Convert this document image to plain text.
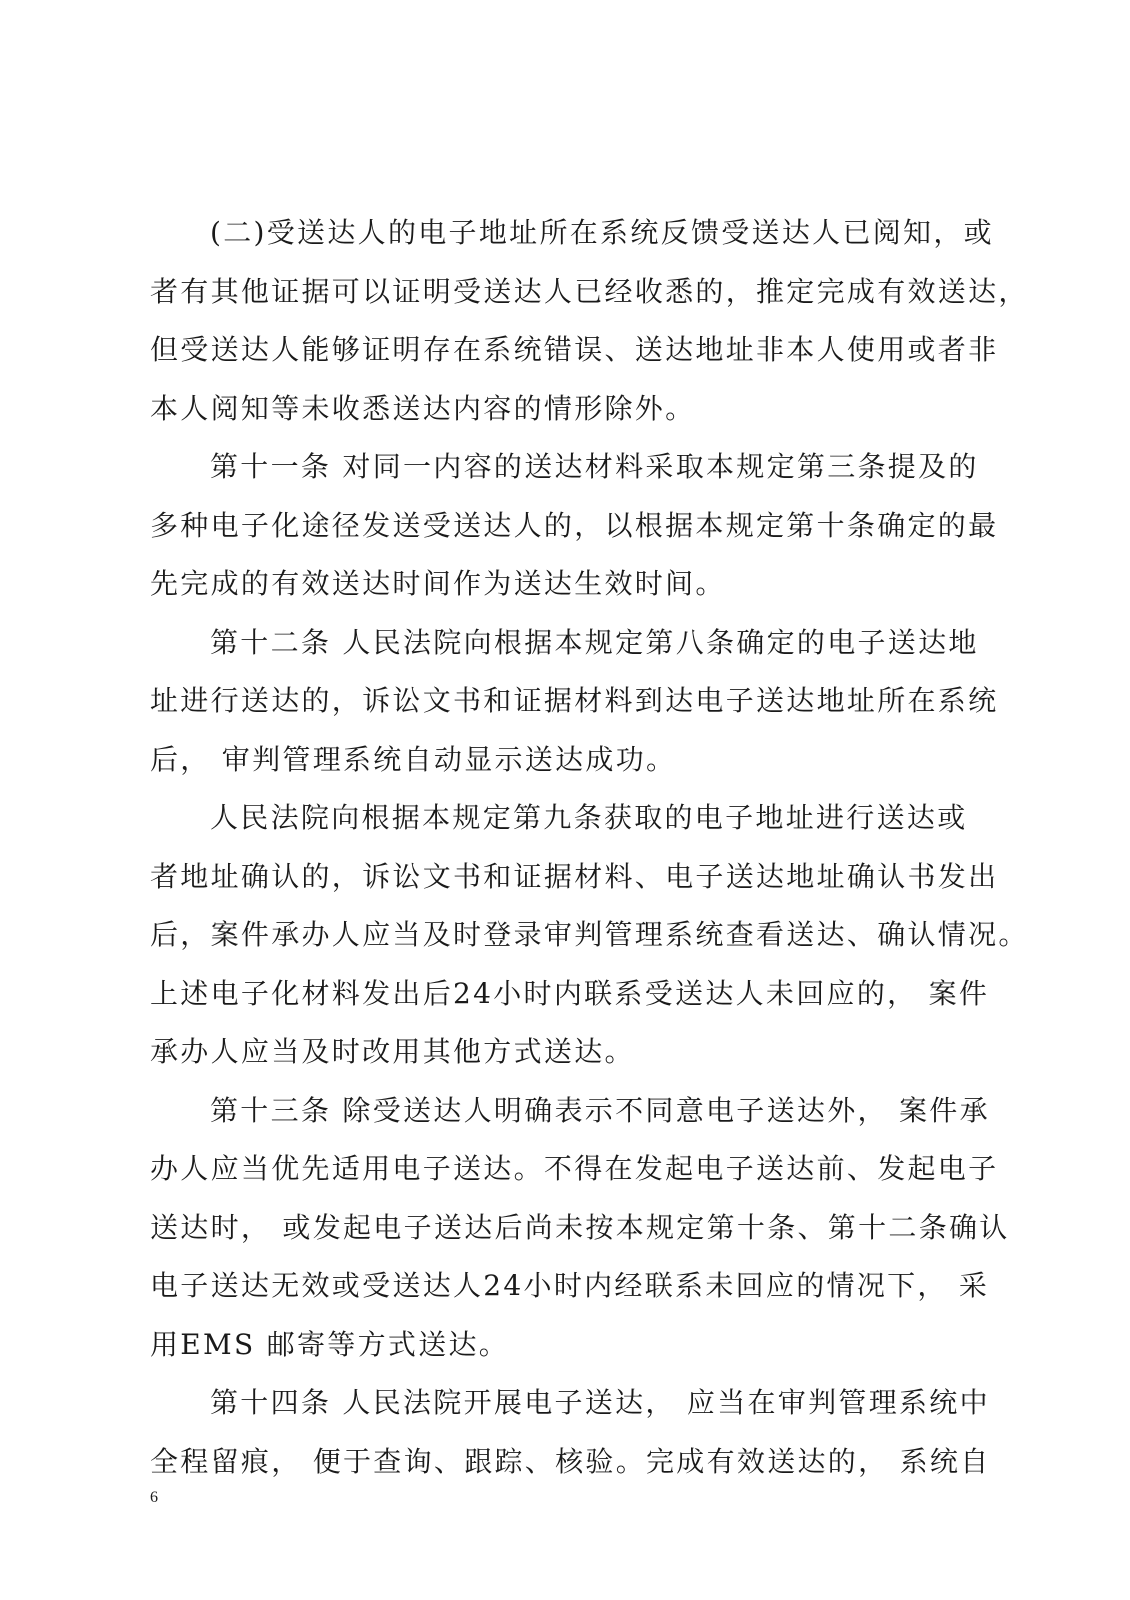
(二)受送达人的电子地址所在系统反馈受送达人已阅知，或
者有其他证据可以证明受送达人已经收悉的，推定完成有效送达，
但受送达人能够证明存在系统错误、送达地址非本人使用或者非
本人阅知等未收悉送达内容的情形除外。
第十一条 对同一内容的送达材料采取本规定第三条提及的
多种电子化途径发送受送达人的，以根据本规定第十条确定的最
先完成的有效送达时间作为送达生效时间。
第十二条 人民法院向根据本规定第八条确定的电子送达地
址进行送达的，诉讼文书和证据材料到达电子送达地址所在系统
后， 审判管理系统自动显示送达成功。
人民法院向根据本规定第九条获取的电子地址进行送达或
者地址确认的，诉讼文书和证据材料、电子送达地址确认书发出
后，案件承办人应当及时登录审判管理系统查看送达、确认情况。
上述电子化材料发出后24小时内联系受送达人未回应的， 案件
承办人应当及时改用其他方式送达。
第十三条 除受送达人明确表示不同意电子送达外， 案件承
办人应当优先适用电子送达。不得在发起电子送达前、发起电子
送达时， 或发起电子送达后尚未按本规定第十条、第十二条确认
电子送达无效或受送达人24小时内经联系未回应的情况下， 采
用EMS 邮寄等方式送达。
第十四条 人民法院开展电子送达， 应当在审判管理系统中
全程留痕， 便于查询、跟踪、核验。完成有效送达的， 系统自
6
